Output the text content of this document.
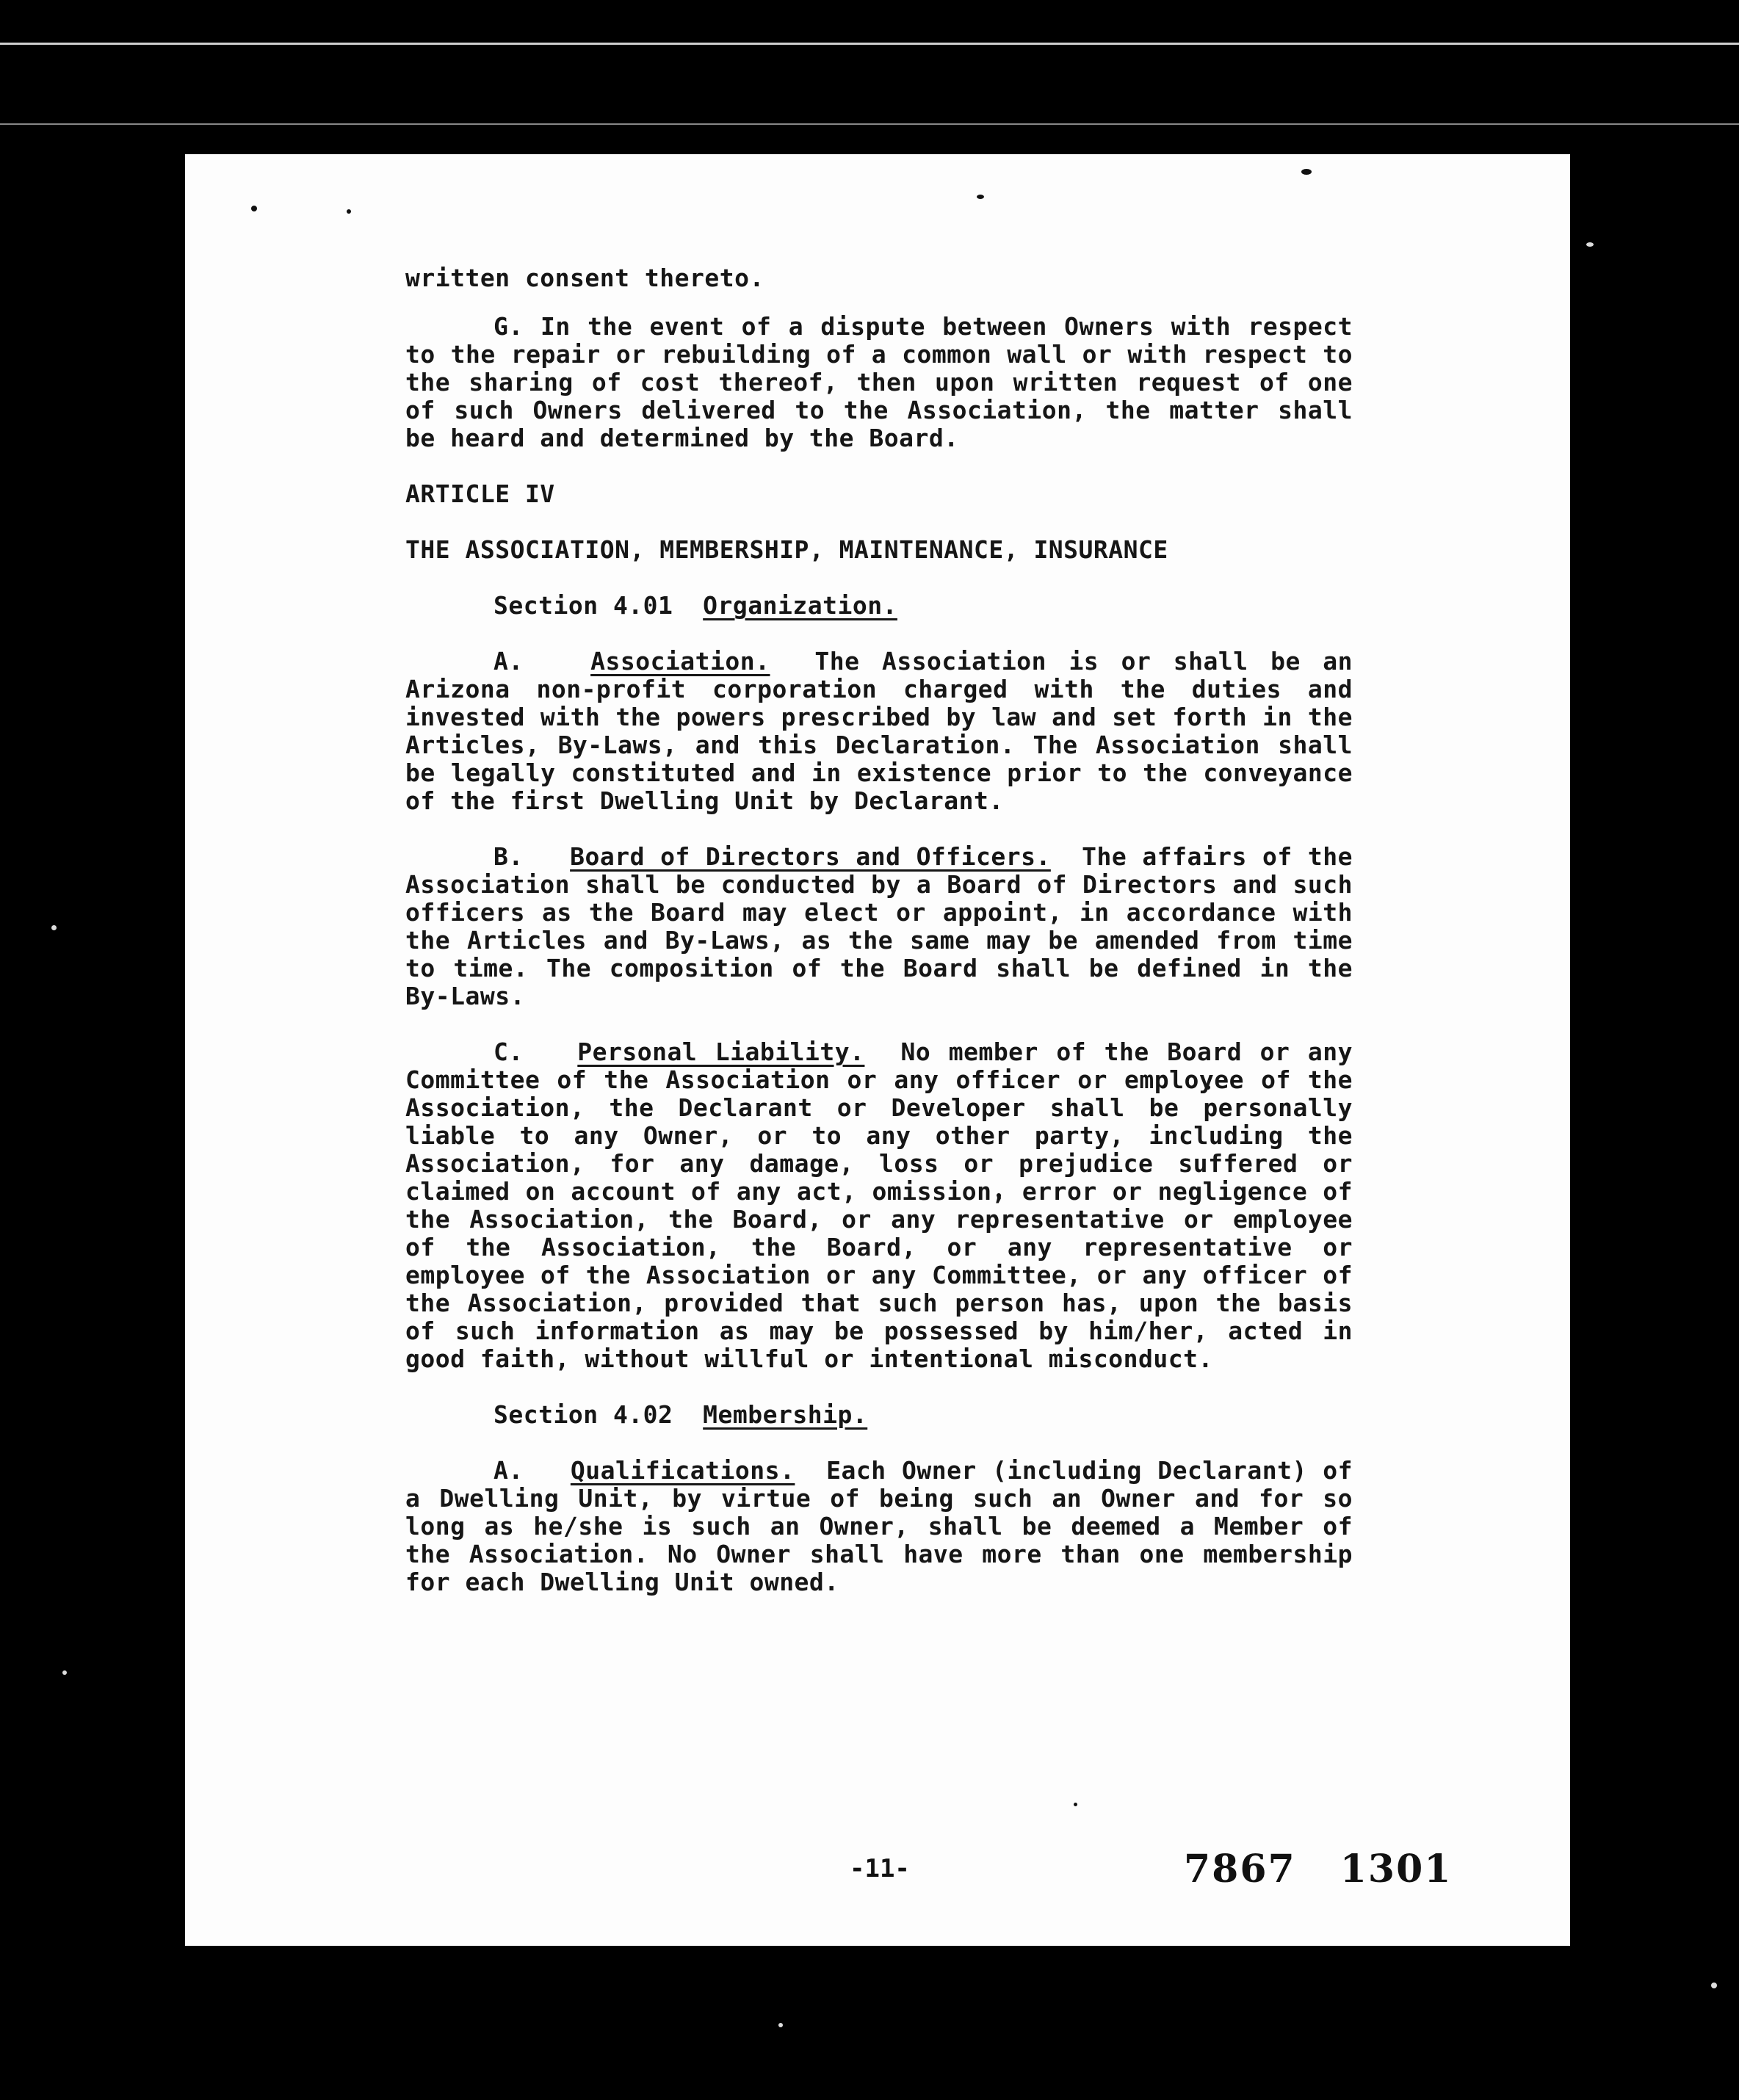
written consent thereto.

G. In the event of a dispute between Owners with respect to the repair or rebuilding of a common wall or with respect to the sharing of cost thereof, then upon written request of one of such Owners delivered to the Association, the matter shall be heard and determined by the Board.

ARTICLE IV

THE ASSOCIATION, MEMBERSHIP, MAINTENANCE, INSURANCE

Section 4.01 Organization.

A.	Association. The Association is or shall be an Arizona non-profit corporation charged with the duties and invested with the powers prescribed by law and set forth in the Articles, By-Laws, and this Declaration. The Association shall be legally constituted and in existence prior to the conveyance of the first Dwelling Unit by Declarant.

B. Board of Directors and Officers. The affairs of the Association shall be conducted by a Board of Directors and such officers as the Board may elect or appoint, in accordance with the Articles and By-Laws, as the same may be amended from time to time. The composition of the Board shall be defined in the By-Laws.

C. Personal Liability. No member of the Board or any Committee of the Association or any officer or employee of the Association, the Declarant or Developer shall be personally liable to any Owner, or to any other party, including the Association, for any damage, loss or prejudice suffered or claimed on account of any act, omission, error or negligence of the Association, the Board, or any representative or employee of the Association, the Board, or any representative or employee of the Association or any Committee, or any officer of the Association, provided that such person has, upon the basis of such information as may be possessed by him/her, acted in good faith, without willful or intentional misconduct.

Section 4.02 Membership.

A. Qualifications. Each Owner (including Declarant) of a Dwelling Unit, by virtue of being such an Owner and for so long as he/she is such an Owner, shall be deemed a Member of the Association. No Owner shall have more than one membership for each Dwelling Unit owned.

-11-	7867 1301
